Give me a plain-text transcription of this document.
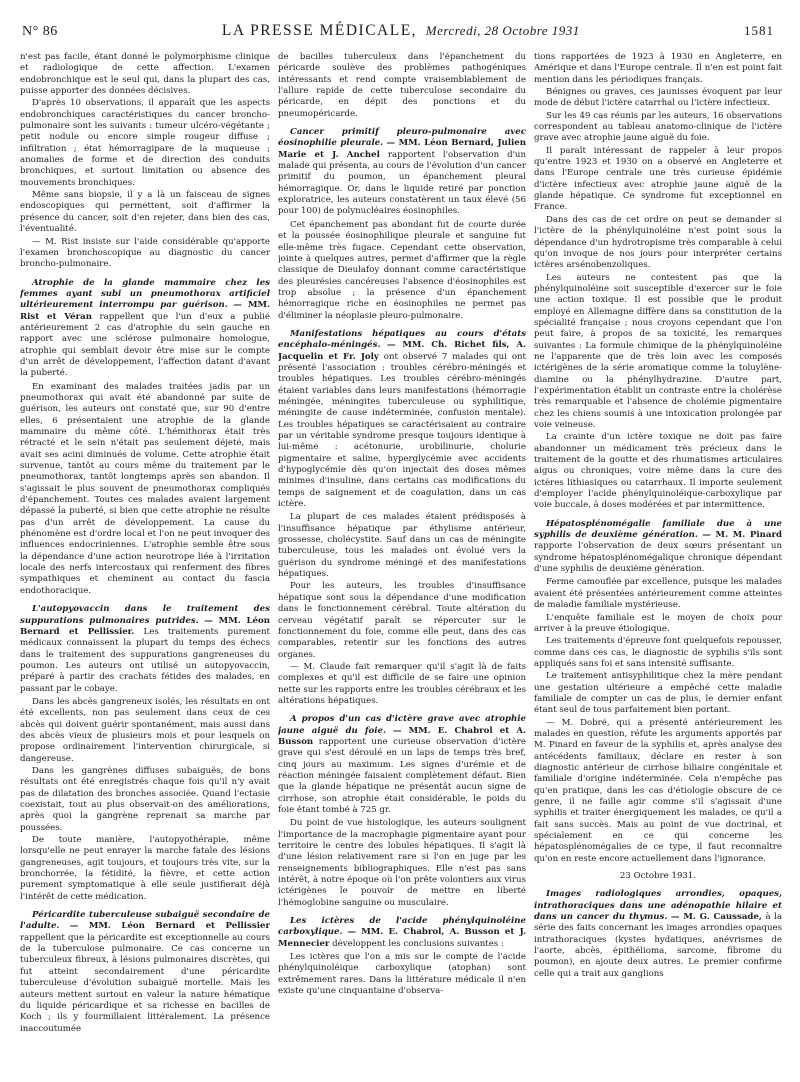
N° 86	LA PRESSE MÉDICALE, Mercredi, 28 Octobre 1931	1581

n'est pas facile, étant donné le polymorphisme clinique et radiologique de cette affection. L'examen endobronchique est le seul qui, dans la plupart des cas, puisse apporter des données décisives.

D'après 10 observations, il apparaît que les aspects endobronchiques caractéristiques du cancer broncho-pulmonaire sont les suivants : tumeur ulcéro-végétante ; petit nodule ou encore simple rougeur diffuse ; infiltration ; état hémorragipare de la muqueuse ; anomalies de forme et de direction des conduits bronchiques, et surtout limitation ou absence des mouvements bronchiques.

Même sans biopsie, il y a là un faisceau de signes endoscopiques qui permettent, soit d'affirmer la présence du cancer, soit d'en rejeter, dans bien des cas, l'éventualité.

— M. Rist insiste sur l'aide considérable qu'apporte l'examen bronchoscopique au diagnostic du cancer broncho-pulmonaire.

Atrophie de la glande mammaire chez les femmes ayant subi un pneumothorax artificiel ultérieurement interrompu par guérison. — MM. Rist et Véran rappellent que l'un d'eux a publié antérieurement 2 cas d'atrophie du sein gauche en rapport avec une sclérose pulmonaire homologue, atrophie qui semblait devoir être mise sur le compte d'un arrêt de développement, l'affection datant d'avant la puberté.

En examinant des malades traitées jadis par un pneumothorax qui avait été abandonné par suite de guérison, les auteurs ont constaté que, sur 90 d'entre elles, 6 présentaient une atrophie de la glande mammaire du même côté. L'hémithorax était très rétracté et le sein n'était pas seulement déjeté, mais avait ses acini diminués de volume. Cette atrophie était survenue, tantôt au cours même du traitement par le pneumothorax, tantôt longtemps après son abandon. Il s'agissait le plus souvent de pneumothorax compliqués d'épanchement. Toutes ces malades avaient largement dépassé la puberté, si bien que cette atrophie ne résulte pas d'un arrêt de développement. La cause du phénomène est d'ordre local et l'on ne peut invoquer des influences endocriniennes. L'atrophie semble être sous la dépendance d'une action neurotrope liée à l'irritation locale des nerfs intercostaux qui renferment des fibres sympathiques et cheminent au contact du fascia endothoracique.

L'autopyovaccin dans le traitement des suppurations pulmonaires putrides. — MM. Léon Bernard et Pellissier. Les traitements purement médicaux connaissent la plupart du temps des échecs dans le traitement des suppurations gangreneuses du poumon. Les auteurs ont utilisé un autopyovaccin, préparé à partir des crachats fétides des malades, en passant par le cobaye.

Dans les abcès gangreneux isolés, les résultats en ont été excellents, non pas seulement dans ceux de ces abcès qui doivent guérir spontanément, mais aussi dans des abcès vieux de plusieurs mois et pour lesquels on propose ordinairement l'intervention chirurgicale, si dangereuse.

Dans les gangrènes diffuses subaiguës, de bons résultats ont été enregistrés chaque fois qu'il n'y avait pas de dilatation des bronches associée. Quand l'ectasie coexistait, tout au plus observait-on des améliorations, après quoi la gangrène reprenait sa marche par poussées.

De toute manière, l'autopyothérapie, même lorsqu'elle ne peut enrayer la marche fatale des lésions gangreneuses, agit toujours, et toujours très vite, sur la bronchorrée, la fétidité, la fièvre, et cette action purement symptomatique à elle seule justifierait déjà l'intérêt de cette médication.

Péricardite tuberculeuse subaiguë secondaire de l'adulte. — MM. Léon Bernard et Pellissier rappellent que la péricardite est exceptionnelle au cours de la tuberculose pulmonaire. Ce cas concerne un tuberculeux fibreux, à lésions pulmonaires discrètes, qui fut atteint secondairement d'une péricardite tuberculeuse d'évolution subaiguë mortelle. Mais les auteurs mettent surtout en valeur la nature hématique du liquide péricardique et sa richesse en bacilles de Koch ; ils y fourmillaient littéralement. La présence inaccoutumée

de bacilles tuberculeux dans l'épanchement du péricarde soulève des problèmes pathogéniques intéressants et rend compte vraisemblablement de l'allure rapide de cette tuberculose secondaire du péricarde, en dépit des ponctions et du pneumopéricarde.

Cancer primitif pleuro-pulmonaire avec éosinophilie pleurale. — MM. Léon Bernard, Julien Marie et J. Anchel rapportent l'observation d'un malade qui présenta, au cours de l'évolution d'un cancer primitif du poumon, un épanchement pleural hémorragique. Or, dans le liquide retiré par ponction exploratrice, les auteurs constatèrent un taux élevé (56 pour 100) de polynucléaires éosinophiles.

Cet épanchement pas abondant fut de courte durée et la poussée éosinophilique pleurale et sanguine fut elle-même très fugace. Cependant cette observation, jointe à quelques autres, permet d'affirmer que la règle classique de Dieulafoy donnant comme caractéristique des pleurésies cancéreuses l'absence d'éosinophiles est trop absolue ; la présence d'un épanchement hémorragique riche en éosinophiles ne permet pas d'éliminer la néoplasie pleuro-pulmonaire.

Manifestations hépatiques au cours d'états encéphalo-méningés. — MM. Ch. Richet fils, A. Jacquelin et Fr. Joly ont observé 7 malades qui ont présenté l'association : troubles cérébro-méningés et troubles hépatiques. Les troubles cérébro-méningés étaient variables dans leurs manifestations (hémorragie méningée, méningites tuberculeuse ou syphilitique, méningite de cause indéterminée, confusion mentale). Les troubles hépatiques se caractérisaient au contraire par un véritable syndrome presque toujours identique à lui-même : acétonurie, urobilinurie, cholurie pigmentaire et saline, hyperglycémie avec accidents d'hypoglycémie dès qu'on injectait des doses mêmes minimes d'insuline, dans certains cas modifications du temps de saignement et de coagulation, dans un cas ictère.

La plupart de ces malades étaient prédisposés à l'insuffisance hépatique par éthylisme antérieur, grossesse, cholécystite. Sauf dans un cas de méningite tuberculeuse, tous les malades ont évolué vers la guérison du syndrome méningé et des manifestations hépatiques.

Pour les auteurs, les troubles d'insuffisance hépatique sont sous la dépendance d'une modification dans le fonctionnement cérébral. Toute altération du cerveau végétatif paraît se répercuter sur le fonctionnement du foie, comme elle peut, dans des cas comparables, retentir sur les fonctions des autres organes.

— M. Claude fait remarquer qu'il s'agit là de faits complexes et qu'il est difficile de se faire une opinion nette sur les rapports entre les troubles cérébraux et les altérations hépatiques.

A propos d'un cas d'ictère grave avec atrophie jaune aiguë du foie. — MM. E. Chabrol et A. Busson rapportent une curieuse observation d'ictère grave qui s'est déroulé en un laps de temps très bref, cinq jours au maximum. Les signes d'urémie et de réaction méningée faisaient complètement défaut. Bien que la glande hépatique ne présentât aucun signe de cirrhose, son atrophie était considérable, le poids du foie étant tombé à 725 gr.

Du point de vue histologique, les auteurs soulignent l'importance de la macrophagie pigmentaire ayant pour territoire le centre des lobules hépatiques. Il s'agit là d'une lésion relativement rare si l'on en juge par les renseignements bibliographiques. Elle n'est pas sans intérêt, à notre époque où l'on prête volontiers aux virus ictérigènes le pouvoir de mettre en liberté l'hémoglobine sanguine ou musculaire.

Les ictères de l'acide phénylquinoléine carboxylique. — MM. E. Chabrol, A. Busson et J. Mennecier développent les conclusions suivantes :

Les ictères que l'on a mis sur le compte de l'acide phénylquinoléique carboxylique (atophan) sont extrêmement rares. Dans la littérature médicale il n'en existe qu'une cinquantaine d'observa-

tions rapportées de 1923 à 1930 en Angleterre, en Amérique et dans l'Europe centrale. Il n'en est point fait mention dans les périodiques français.

Bénignes ou graves, ces jaunisses évoquent par leur mode de début l'ictère catarrhal ou l'ictère infectieux.

Sur les 49 cas réunis par les auteurs, 16 observations correspondent au tableau anatomo-clinique de l'ictère grave avec atrophie jaune aiguë du foie.

Il paraît intéressant de rappeler à leur propos qu'entre 1923 et 1930 on a observé en Angleterre et dans l'Europe centrale une très curieuse épidémie d'ictère infectieux avec atrophie jaune aiguë de la glande hépatique. Ce syndrome fut exceptionnel en France.

Dans des cas de cet ordre on peut se demander si l'ictère de la phénylquinoléine n'est point sous la dépendance d'un hydrotropisme très comparable à celui qu'on invoque de nos jours pour interpréter certains ictères arsénobenzoliques.

Les auteurs ne contestent pas que la phénylquinoléine soit susceptible d'exercer sur le foie une action toxique. Il est possible que le produit employé en Allemagne diffère dans sa constitution de la spécialité française ; nous croyons cependant que l'on peut faire, à propos de sa toxicité, les remarques suivantes : La formule chimique de la phénylquinoléine ne l'apparente que de très loin avec les composés ictérigènes de la série aromatique comme la toluylène-diamine ou la phénylhydrazine. D'autre part, l'expérimentation établit un contraste entre la cholérèse très remarquable et l'absence de cholémie pigmentaire chez les chiens soumis à une intoxication prolongée par voie veineuse.

La crainte d'un ictère toxique ne doit pas faire abandonner un médicament très précieux dans le traitement de la goutte et des rhumatismes articulaires aigus ou chroniques, voire même dans la cure des ictères lithiasiques ou catarrhaux. Il importe seulement d'employer l'acide phénylquinoléique-carboxylique par voie buccale, à doses modérées et par intermittence.

Hépatosplénomégalie familiale due à une syphilis de deuxième génération. — M. M. Pinard rapporte l'observation de deux sœurs présentant un syndrome hépatosplénomégalique chronique dépendant d'une syphilis de deuxième génération.

Ferme camouflée par excellence, puisque les malades avaient été présentées antérieurement comme atteintes de maladie familiale mystérieuse.

L'enquête familiale est le moyen de choix pour arriver à la preuve étiologique.

Les traitements d'épreuve font quelquefois repousser, comme dans ces cas, le diagnostic de syphilis s'ils sont appliqués sans foi et sans intensité suffisante.

Le traitement antisyphilitique chez la mère pendant une gestation ultérieure a empêché cette maladie familiale de compter un cas de plus, le dernier enfant étant seul de tous parfaitement bien portant.

— M. Dobré, qui a présenté antérieurement les malades en question, réfute les arguments apportés par M. Pinard en faveur de la syphilis et, après analyse des antécédents familiaux, déclare en rester à son diagnostic antérieur de cirrhose biliaire congénitale et familiale d'origine indéterminée. Cela n'empêche pas qu'en pratique, dans les cas d'étiologie obscure de ce genre, il ne faille agir comme s'il s'agissait d'une syphilis et traiter énergiquement les malades, ce qu'il a fait sans succès. Mais au point de vue doctrinal, et spécialement en ce qui concerne les hépatosplénomégalies de ce type, il faut reconnaître qu'on en reste encore actuellement dans l'ignorance.

23 Octobre 1931.
Images radiologiques arrondies, opaques, intrathoraciques dans une adénopathie hilaire et dans un cancer du thymus. — M. G. Caussade, à la série des faits concernant les images arrondies opaques intrathoraciques (kystes hydatiques, anévrismes de l'aorte, abcès, épithélioma, sarcome, fibrome du poumon), en ajoute deux autres. Le premier confirme celle qui a trait aux ganglions
